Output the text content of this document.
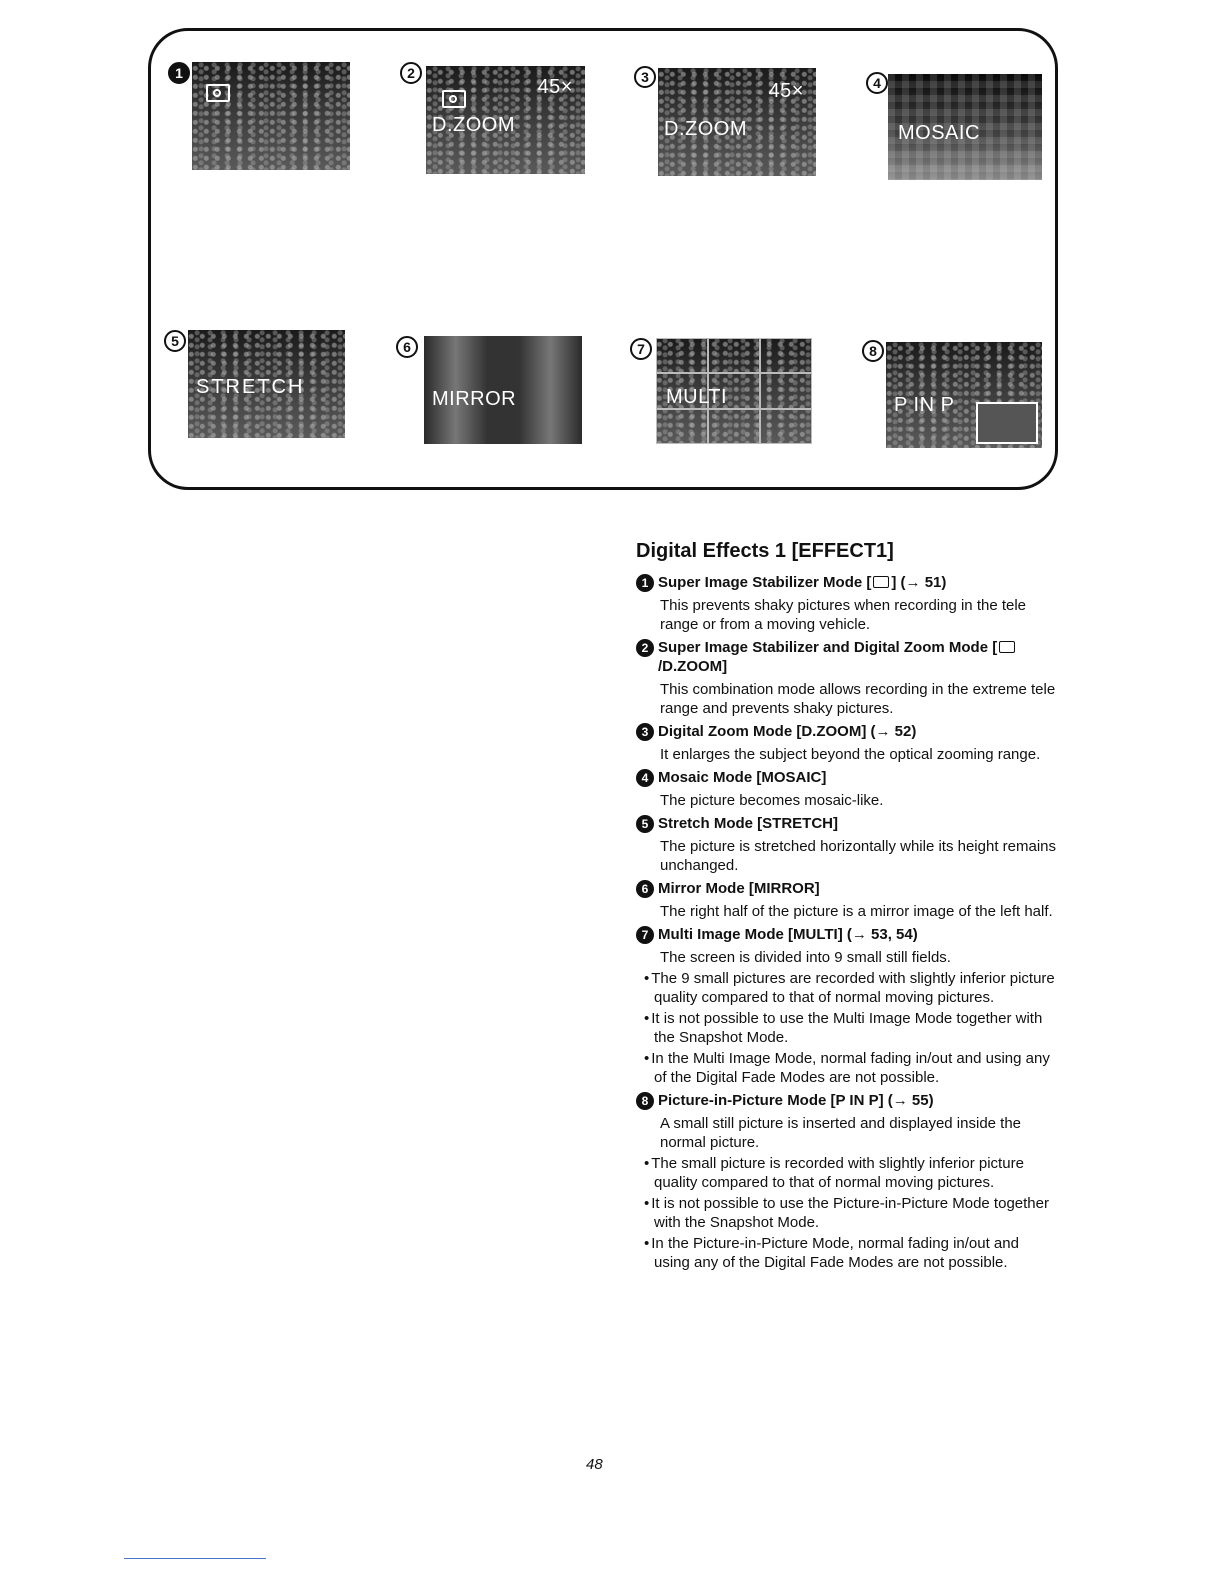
1	2
45×
D.ZOOM
3
45×
D.ZOOM
4
MOSAIC
5
STRETCH
6
MIRROR
7
MULTI
8
P IN P
Digital Effects 1 [EFFECT1]
1 Super Image Stabilizer Mode [ ] (→ 51)
This prevents shaky pictures when recording in the tele range or from a moving vehicle.
2 Super Image Stabilizer and Digital Zoom Mode [/D.ZOOM]
This combination mode allows recording in the extreme tele range and prevents shaky pictures.
3 Digital Zoom Mode [D.ZOOM] (→ 52)
It enlarges the subject beyond the optical zooming range.
4 Mosaic Mode [MOSAIC]
The picture becomes mosaic-like.
5 Stretch Mode [STRETCH]
The picture is stretched horizontally while its height remains unchanged.
6 Mirror Mode [MIRROR]
The right half of the picture is a mirror image of the left half.
7 Multi Image Mode [MULTI] (→ 53, 54)
The screen is divided into 9 small still fields.
• The 9 small pictures are recorded with slightly inferior picture quality compared to that of normal moving pictures.
• It is not possible to use the Multi Image Mode together with the Snapshot Mode.
• In the Multi Image Mode, normal fading in/out and using any of the Digital Fade Modes are not possible.
8 Picture-in-Picture Mode [P IN P] (→ 55)
A small still picture is inserted and displayed inside the normal picture.
• The small picture is recorded with slightly inferior picture quality compared to that of normal moving pictures.
• It is not possible to use the Picture-in-Picture Mode together with the Snapshot Mode.
• In the Picture-in-Picture Mode, normal fading in/out and using any of the Digital Fade Modes are not possible.
48
